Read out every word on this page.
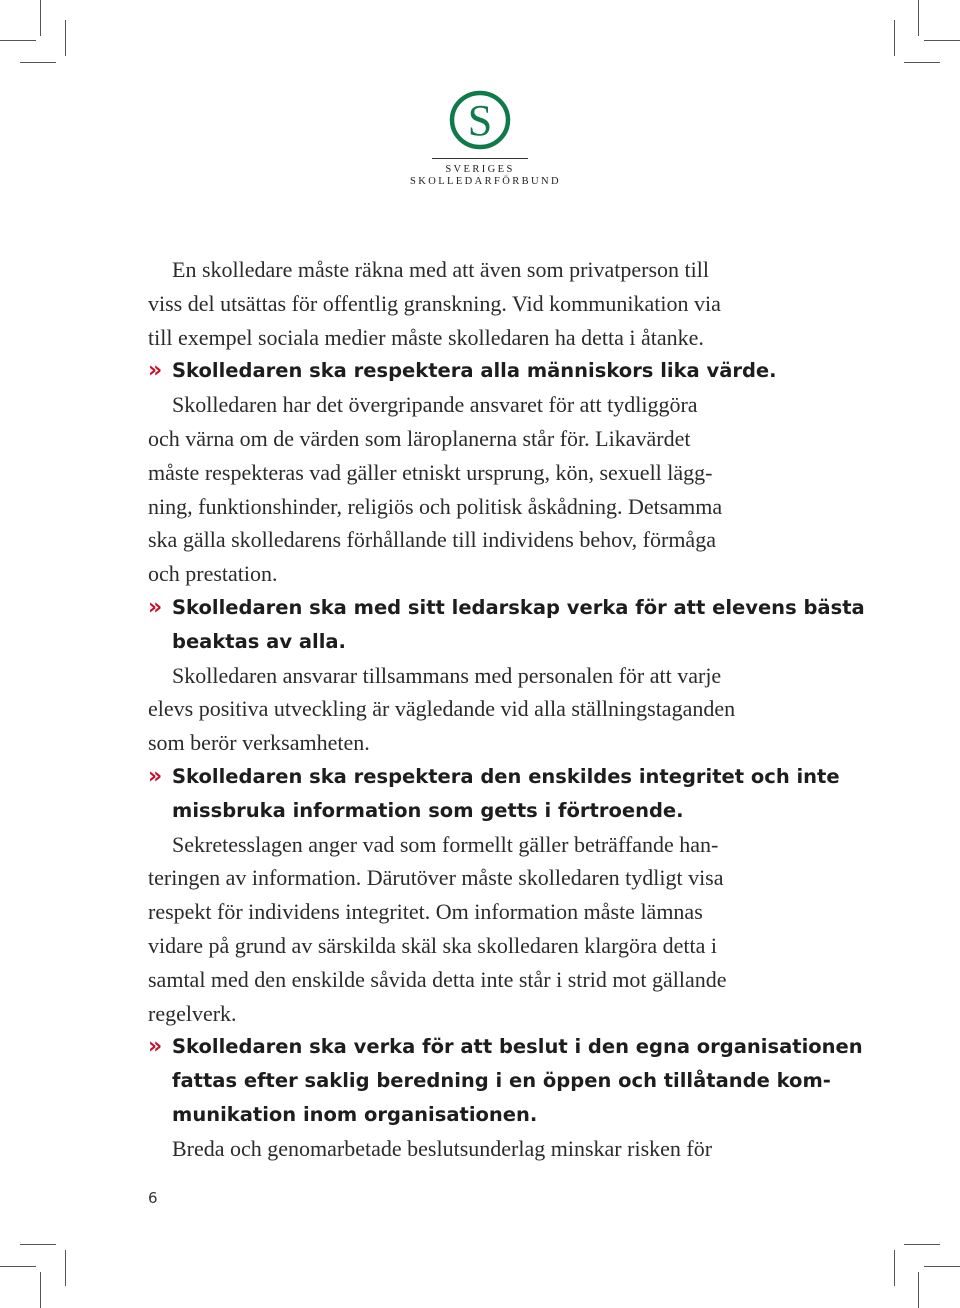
S
SVERIGES
SKOLLEDARFÖRBUND
En skolledare måste räkna med att även som privatperson till
viss del utsättas för offentlig granskning. Vid kommunikation via
till exempel sociala medier måste skolledaren ha detta i åtanke.
» Skolledaren ska respektera alla människors lika värde.
Skolledaren har det övergripande ansvaret för att tydliggöra
och värna om de värden som läroplanerna står för. Likavärdet
måste respekteras vad gäller etniskt ursprung, kön, sexuell lägg-
ning, funktionshinder, religiös och politisk åskådning. Detsamma
ska gälla skolledarens förhållande till individens behov, förmåga
och prestation.
» Skolledaren ska med sitt ledarskap verka för att elevens bästa
beaktas av alla.
Skolledaren ansvarar tillsammans med personalen för att varje
elevs positiva utveckling är vägledande vid alla ställningstaganden
som berör verksamheten.
» Skolledaren ska respektera den enskildes integritet och inte
missbruka information som getts i förtroende.
Sekretesslagen anger vad som formellt gäller beträffande han-
teringen av information. Därutöver måste skolledaren tydligt visa
respekt för individens integritet. Om information måste lämnas
vidare på grund av särskilda skäl ska skolledaren klargöra detta i
samtal med den enskilde såvida detta inte står i strid mot gällande
regelverk.
» Skolledaren ska verka för att beslut i den egna organisationen
fattas efter saklig beredning i en öppen och tillåtande kom-
munikation inom organisationen.
Breda och genomarbetade beslutsunderlag minskar risken för
6
